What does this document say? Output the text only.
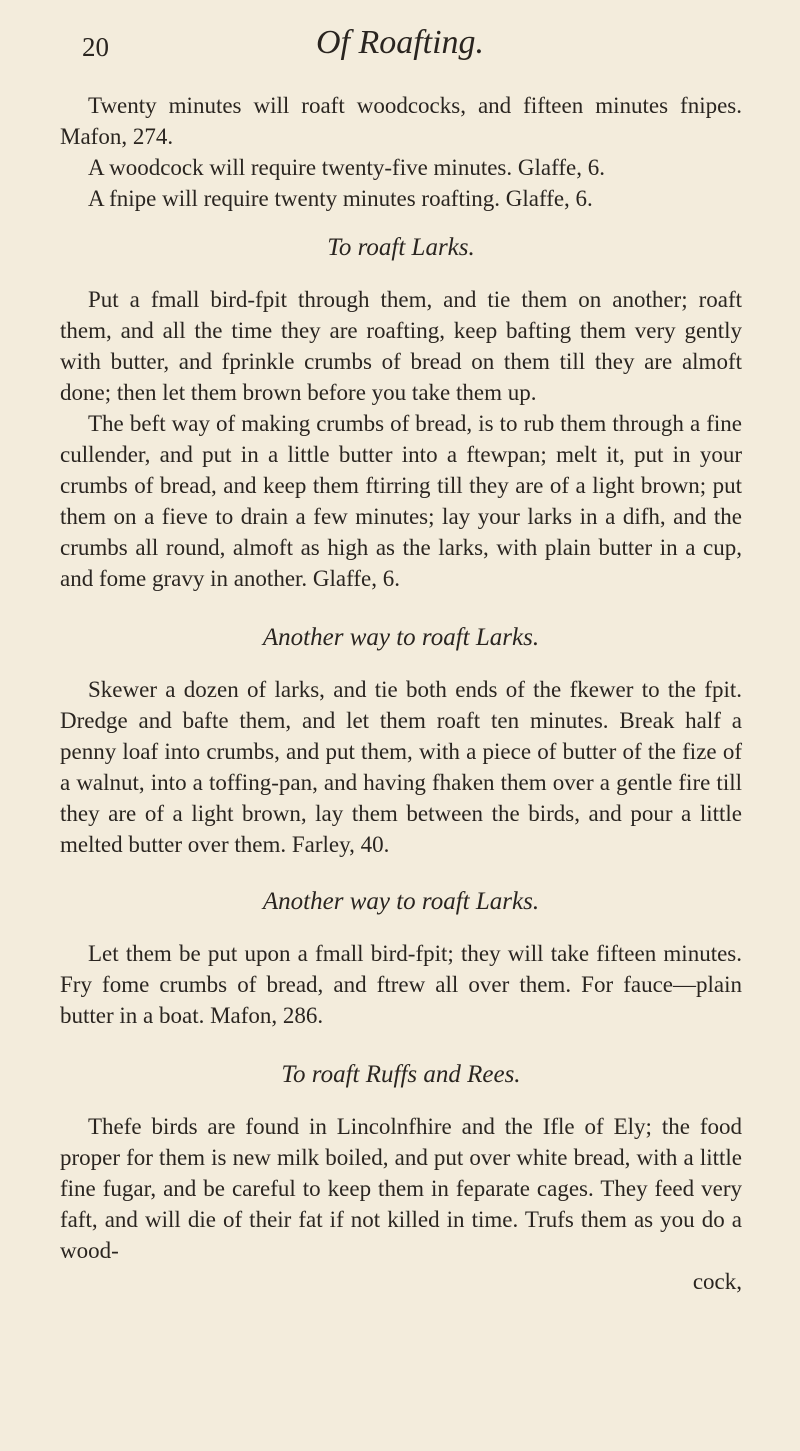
20	Of Roafting.

Twenty minutes will roaft woodcocks, and fifteen minutes fnipes. Mafon, 274.

A woodcock will require twenty-five minutes. Glaffe, 6.

A fnipe will require twenty minutes roafting. Glaffe, 6.

To roaft Larks.

Put a fmall bird-fpit through them, and tie them on another; roaft them, and all the time they are roafting, keep bafting them very gently with butter, and fprinkle crumbs of bread on them till they are almoft done; then let them brown before you take them up.

The beft way of making crumbs of bread, is to rub them through a fine cullender, and put in a little butter into a ftewpan; melt it, put in your crumbs of bread, and keep them ftirring till they are of a light brown; put them on a fieve to drain a few minutes; lay your larks in a difh, and the crumbs all round, almoft as high as the larks, with plain butter in a cup, and fome gravy in another. Glaffe, 6.

Another way to roaft Larks.

Skewer a dozen of larks, and tie both ends of the fkewer to the fpit. Dredge and bafte them, and let them roaft ten minutes. Break half a penny loaf into crumbs, and put them, with a piece of butter of the fize of a walnut, into a toffing-pan, and having fhaken them over a gentle fire till they are of a light brown, lay them between the birds, and pour a little melted butter over them. Farley, 40.

Another way to roaft Larks.

Let them be put upon a fmall bird-fpit; they will take fifteen minutes. Fry fome crumbs of bread, and ftrew all over them. For fauce—plain butter in a boat. Mafon, 286.

To roaft Ruffs and Rees.

Thefe birds are found in Lincolnfhire and the Ifle of Ely; the food proper for them is new milk boiled, and put over white bread, with a little fine fugar, and be careful to keep them in feparate cages. They feed very faft, and will die of their fat if not killed in time. Trufs them as you do a wood-

cock,
